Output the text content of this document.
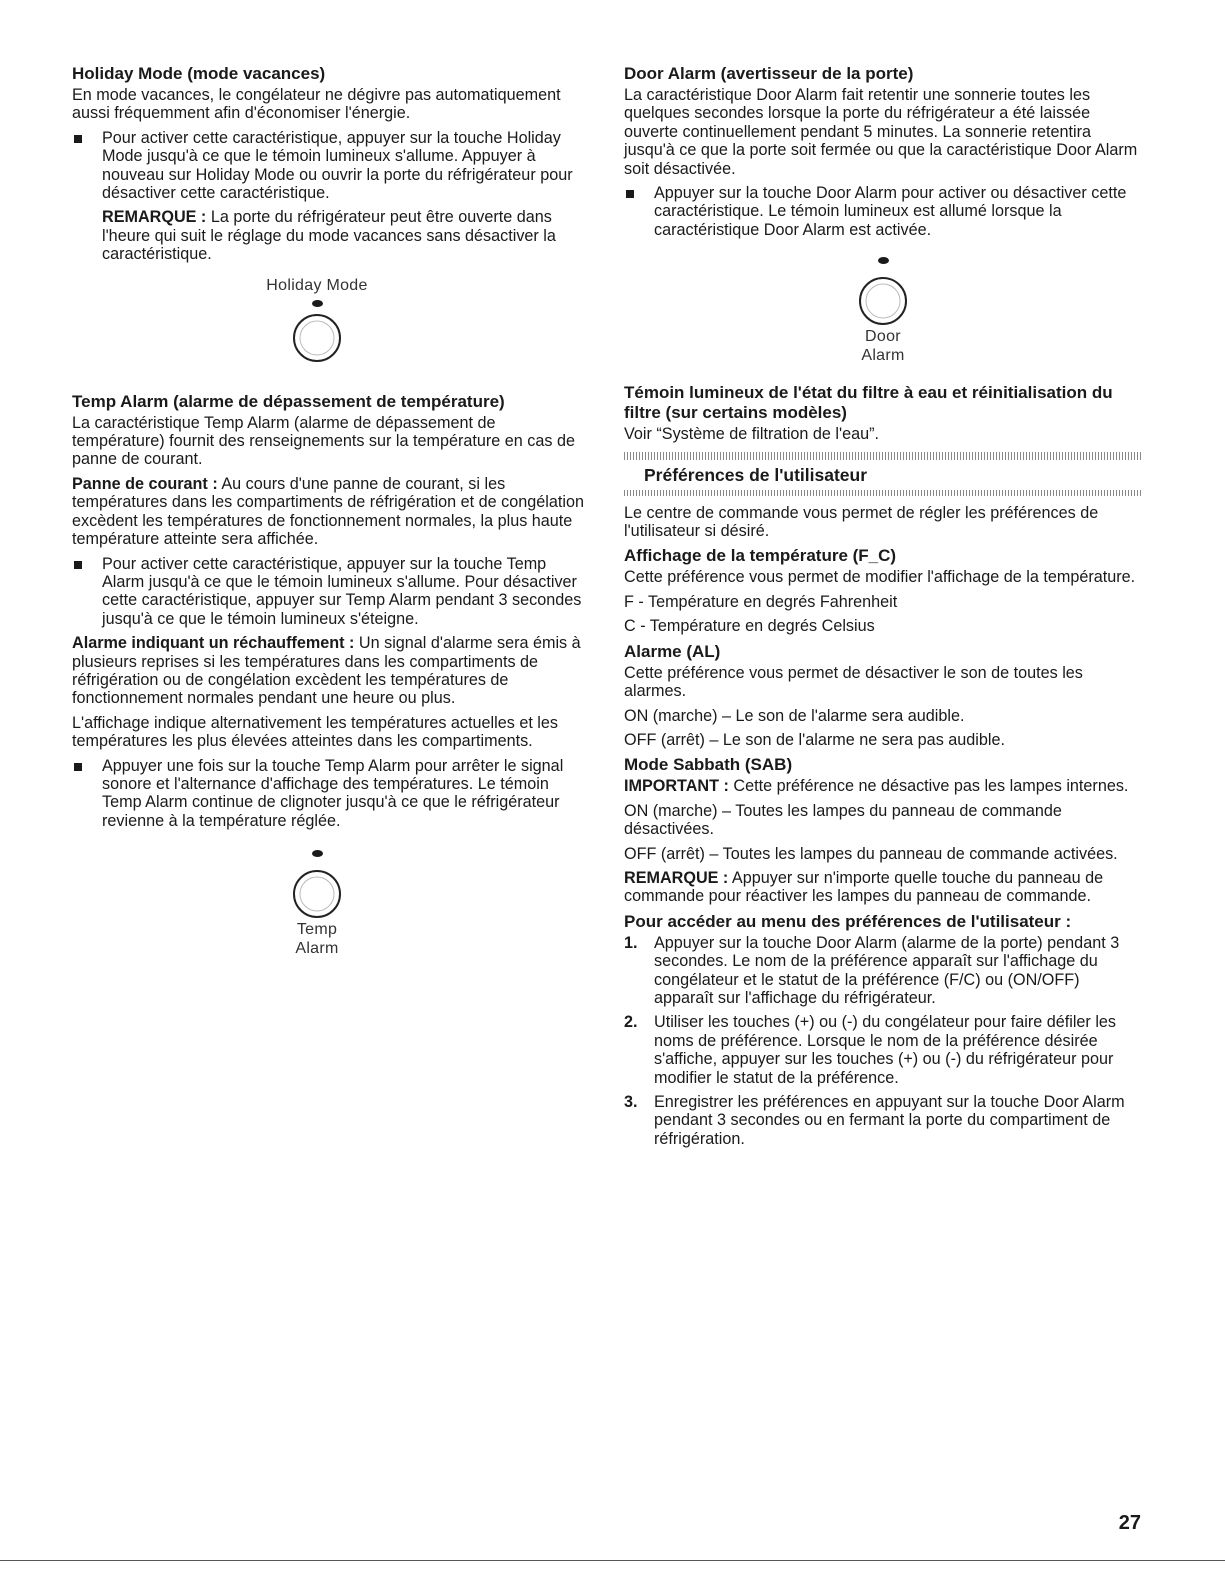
Holiday Mode (mode vacances)

En mode vacances, le congélateur ne dégivre pas automatiquement aussi fréquemment afin d'économiser l'énergie.

Pour activer cette caractéristique, appuyer sur la touche Holiday Mode jusqu'à ce que le témoin lumineux s'allume. Appuyer à nouveau sur Holiday Mode ou ouvrir la porte du réfrigérateur pour désactiver cette caractéristique.

REMARQUE : La porte du réfrigérateur peut être ouverte dans l'heure qui suit le réglage du mode vacances sans désactiver la caractéristique.

Holiday Mode
Temp Alarm (alarme de dépassement de température)

La caractéristique Temp Alarm (alarme de dépassement de température) fournit des renseignements sur la température en cas de panne de courant.

Panne de courant : Au cours d'une panne de courant, si les températures dans les compartiments de réfrigération et de congélation excèdent les températures de fonctionnement normales, la plus haute température atteinte sera affichée.

Pour activer cette caractéristique, appuyer sur la touche Temp Alarm jusqu'à ce que le témoin lumineux s'allume. Pour désactiver cette caractéristique, appuyer sur Temp Alarm pendant 3 secondes jusqu'à ce que le témoin lumineux s'éteigne.

Alarme indiquant un réchauffement : Un signal d'alarme sera émis à plusieurs reprises si les températures dans les compartiments de réfrigération ou de congélation excèdent les températures de fonctionnement normales pendant une heure ou plus.

L'affichage indique alternativement les températures actuelles et les températures les plus élevées atteintes dans les compartiments.

Appuyer une fois sur la touche Temp Alarm pour arrêter le signal sonore et l'alternance d'affichage des températures. Le témoin Temp Alarm continue de clignoter jusqu'à ce que le réfrigérateur revienne à la température réglée.
Temp
Alarm
Door Alarm (avertisseur de la porte)

La caractéristique Door Alarm fait retentir une sonnerie toutes les quelques secondes lorsque la porte du réfrigérateur a été laissée ouverte continuellement pendant 5 minutes. La sonnerie retentira jusqu'à ce que la porte soit fermée ou que la caractéristique Door Alarm soit désactivée.

Appuyer sur la touche Door Alarm pour activer ou désactiver cette caractéristique. Le témoin lumineux est allumé lorsque la caractéristique Door Alarm est activée.
Door
Alarm
Témoin lumineux de l'état du filtre à eau et réinitialisation du filtre (sur certains modèles)

Voir “Système de filtration de l'eau”.

Préférences de l'utilisateur

Le centre de commande vous permet de régler les préférences de l'utilisateur si désiré.

Affichage de la température (F_C)

Cette préférence vous permet de modifier l'affichage de la température.

F - Température en degrés Fahrenheit

C - Température en degrés Celsius

Alarme (AL)

Cette préférence vous permet de désactiver le son de toutes les alarmes.

ON (marche) – Le son de l'alarme sera audible.

OFF (arrêt) – Le son de l'alarme ne sera pas audible.

Mode Sabbath (SAB)

IMPORTANT : Cette préférence ne désactive pas les lampes internes.

ON (marche) – Toutes les lampes du panneau de commande désactivées.

OFF (arrêt) – Toutes les lampes du panneau de commande activées.

REMARQUE : Appuyer sur n'importe quelle touche du panneau de commande pour réactiver les lampes du panneau de commande.

Pour accéder au menu des préférences de l'utilisateur :
1.	Appuyer sur la touche Door Alarm (alarme de la porte) pendant 3 secondes. Le nom de la préférence apparaît sur l'affichage du congélateur et le statut de la préférence (F/C) ou (ON/OFF) apparaît sur l'affichage du réfrigérateur.
2.	Utiliser les touches (+) ou (-) du congélateur pour faire défiler les noms de préférence. Lorsque le nom de la préférence désirée s'affiche, appuyer sur les touches (+) ou (-) du réfrigérateur pour modifier le statut de la préférence.
3.	Enregistrer les préférences en appuyant sur la touche Door Alarm pendant 3 secondes ou en fermant la porte du compartiment de réfrigération.
27
